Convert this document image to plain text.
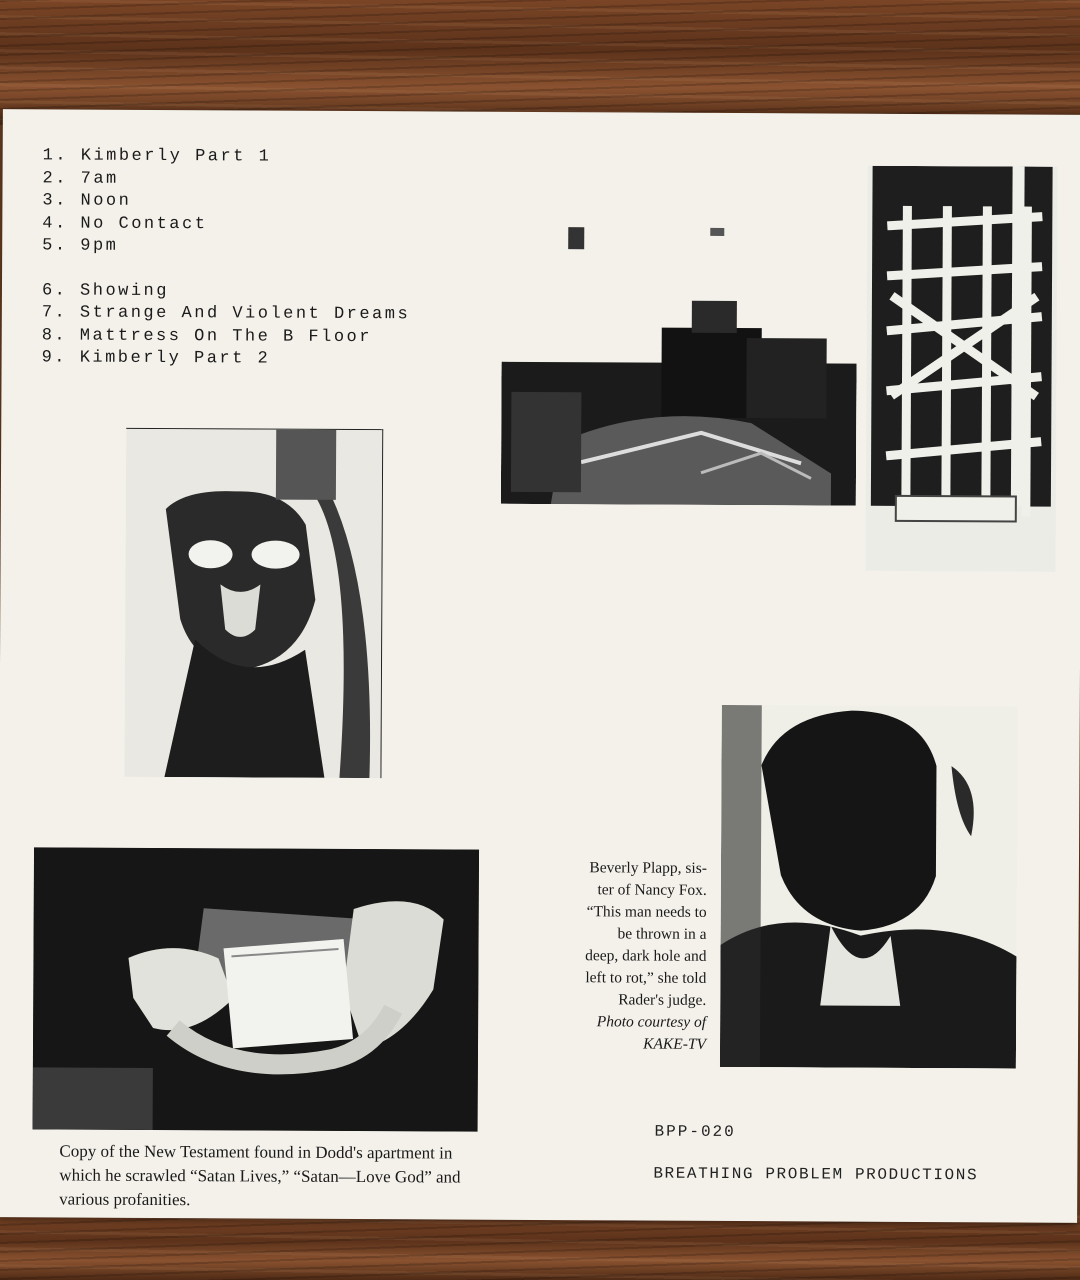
1. Kimberly Part 1
2. 7am
3. Noon
4. No Contact
5. 9pm
6. Showing
7. Strange And Violent Dreams
8. Mattress On The B Floor
9. Kimberly Part 2
Copy of the New Testament found in Dodd's apartment in which he scrawled “Satan Lives,” “Satan—Love God” and various profanities.
Beverly Plapp, sis-
ter of Nancy Fox.
“This man needs to
be thrown in a
deep, dark hole and
left to rot,” she told
Rader's judge.
Photo courtesy of
KAKE-TV
BPP-020
BREATHING PROBLEM PRODUCTIONS
